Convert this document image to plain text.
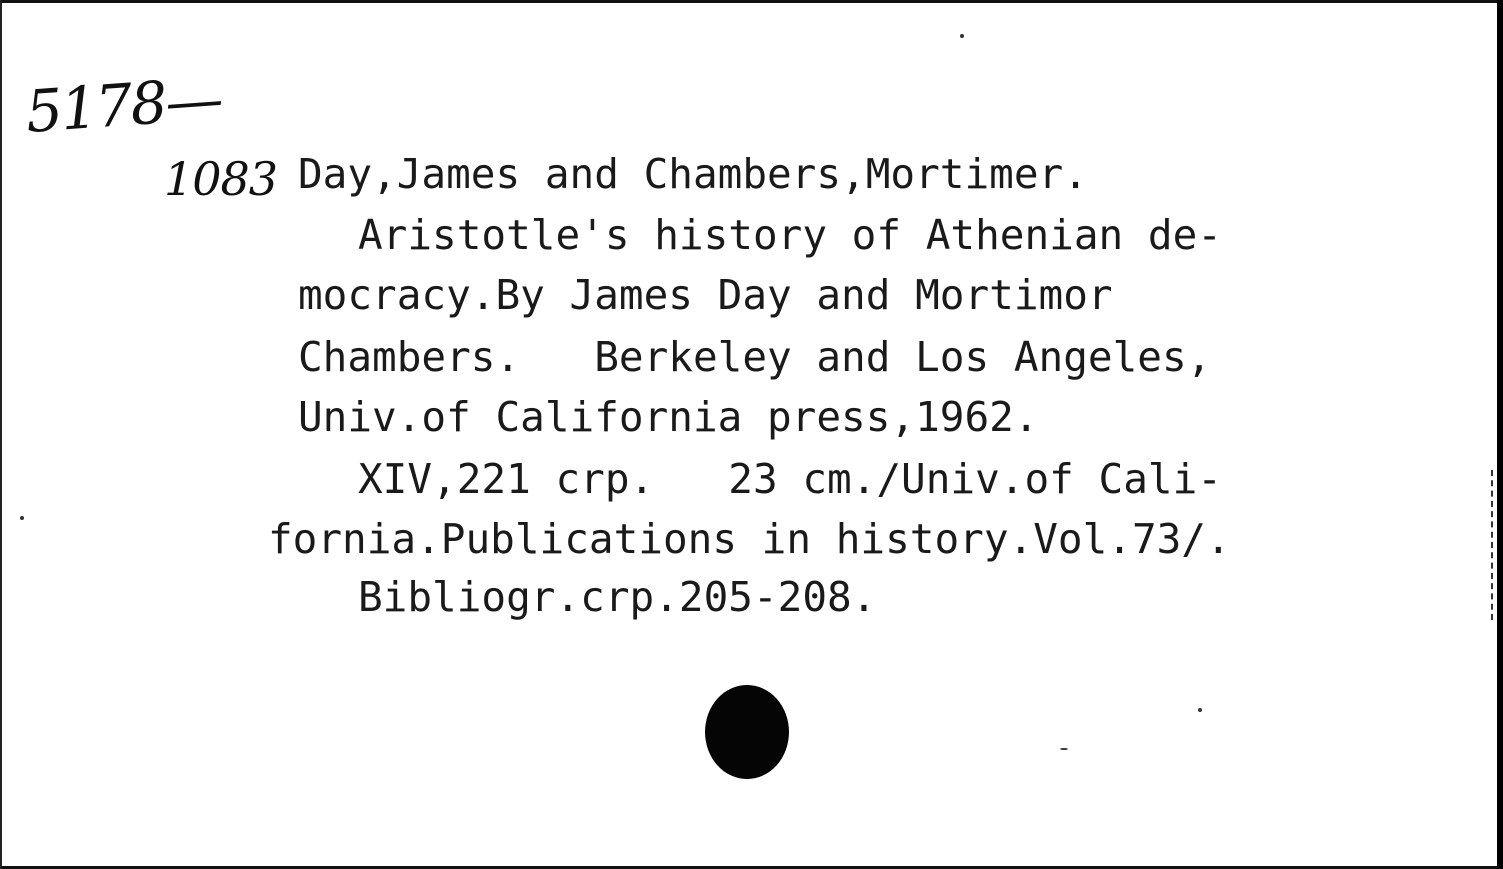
5178—
1083 Day,James and Chambers,Mortimer.
Aristotle's history of Athenian de-
mocracy.By James Day and Mortimor
Chambers.   Berkeley and Los Angeles,
Univ.of California press,1962.
XIV,221 crp.   23 cm./Univ.of Cali-
fornia.Publications in history.Vol.73/.
Bibliogr.crp.205-208.
